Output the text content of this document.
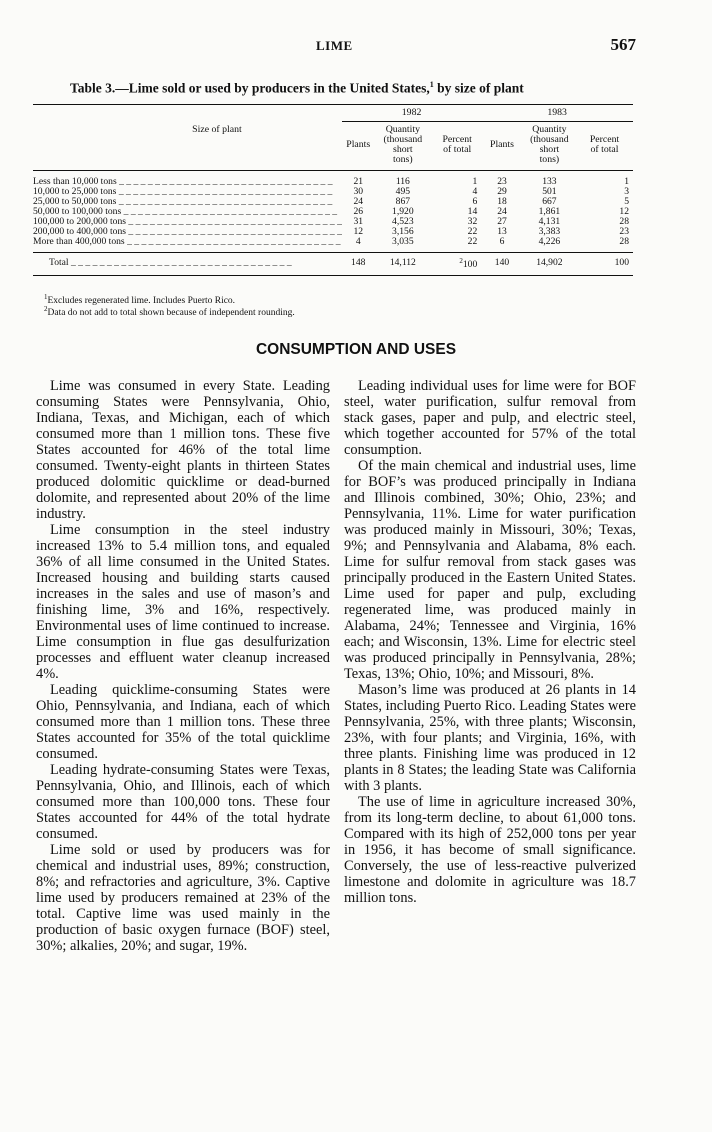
LIME	567
Table 3.—Lime sold or used by producers in the United States,$^1$ by size of plant

Size of plant	1982				1983		
	Plants	Quantity
(thousand
short
tons)		Percent
of total	Plants	Quantity
(thousand
short
tons)	Percent
of total

Less than 10,000 tons _ _ _ _ _ _ _ _ _ _ _ _ _ _ _ _ _ _ _ _ _ _ _ _ _ _ _ _ _ _	21	116		1	23	133	1
10,000 to 25,000 tons _ _ _ _ _ _ _ _ _ _ _ _ _ _ _ _ _ _ _ _ _ _ _ _ _ _ _ _ _ _	30	495		4	29	501	3
25,000 to 50,000 tons _ _ _ _ _ _ _ _ _ _ _ _ _ _ _ _ _ _ _ _ _ _ _ _ _ _ _ _ _ _	24	867		6	18	667	5
50,000 to 100,000 tons _ _ _ _ _ _ _ _ _ _ _ _ _ _ _ _ _ _ _ _ _ _ _ _ _ _ _ _ _ _	26	1,920		14	24	1,861	12
100,000 to 200,000 tons _ _ _ _ _ _ _ _ _ _ _ _ _ _ _ _ _ _ _ _ _ _ _ _ _ _ _ _ _ _	31	4,523		32	27	4,131	28
200,000 to 400,000 tons _ _ _ _ _ _ _ _ _ _ _ _ _ _ _ _ _ _ _ _ _ _ _ _ _ _ _ _ _ _	12	3,156		22	13	3,383	23
More than 400,000 tons _ _ _ _ _ _ _ _ _ _ _ _ _ _ _ _ _ _ _ _ _ _ _ _ _ _ _ _ _ _	4	3,035		22	6	4,226	28

Total _ _ _ _ _ _ _ _ _ _ _ _ _ _ _ _ _ _ _ _ _ _ _ _ _ _ _ _ _ _ _	148	14,112		$^2$100	140	14,902	100

$^1$Excludes regenerated lime. Includes Puerto Rico.
$^2$Data do not add to total shown because of independent rounding.
CONSUMPTION AND USES

Lime was consumed in every State. Leading consuming States were Pennsylvania, Ohio, Indiana, Texas, and Michigan, each of which consumed more than 1 million tons. These five States accounted for 46% of the total lime consumed. Twenty-eight plants in thirteen States produced dolomitic quicklime or dead-burned dolomite, and represented about 20% of the lime industry.

Lime consumption in the steel industry increased 13% to 5.4 million tons, and equaled 36% of all lime consumed in the United States. Increased housing and building starts caused increases in the sales and use of mason’s and finishing lime, 3% and 16%, respectively. Environmental uses of lime continued to increase. Lime consumption in flue gas desulfurization processes and effluent water cleanup increased 4%.

Leading quicklime-consuming States were Ohio, Pennsylvania, and Indiana, each of which consumed more than 1 million tons. These three States accounted for 35% of the total quicklime consumed.

Leading hydrate-consuming States were Texas, Pennsylvania, Ohio, and Illinois, each of which consumed more than 100,000 tons. These four States accounted for 44% of the total hydrate consumed.

Lime sold or used by producers was for chemical and industrial uses, 89%; construction, 8%; and refractories and agriculture, 3%. Captive lime used by producers remained at 23% of the total. Captive lime was used mainly in the production of basic oxygen furnace (BOF) steel, 30%; alkalies, 20%; and sugar, 19%.

Leading individual uses for lime were for BOF steel, water purification, sulfur removal from stack gases, paper and pulp, and electric steel, which together accounted for 57% of the total consumption.

Of the main chemical and industrial uses, lime for BOF’s was produced principally in Indiana and Illinois combined, 30%; Ohio, 23%; and Pennsylvania, 11%. Lime for water purification was produced mainly in Missouri, 30%; Texas, 9%; and Pennsylvania and Alabama, 8% each. Lime for sulfur removal from stack gases was principally produced in the Eastern United States. Lime used for paper and pulp, excluding regenerated lime, was produced mainly in Alabama, 24%; Tennessee and Virginia, 16% each; and Wisconsin, 13%. Lime for electric steel was produced principally in Pennsylvania, 28%; Texas, 13%; Ohio, 10%; and Missouri, 8%.

Mason’s lime was produced at 26 plants in 14 States, including Puerto Rico. Leading States were Pennsylvania, 25%, with three plants; Wisconsin, 23%, with four plants; and Virginia, 16%, with three plants. Finishing lime was produced in 12 plants in 8 States; the leading State was California with 3 plants.

The use of lime in agriculture increased 30%, from its long-term decline, to about 61,000 tons. Compared with its high of 252,000 tons per year in 1956, it has become of small significance. Conversely, the use of less-reactive pulverized limestone and dolomite in agriculture was 18.7 million tons.
